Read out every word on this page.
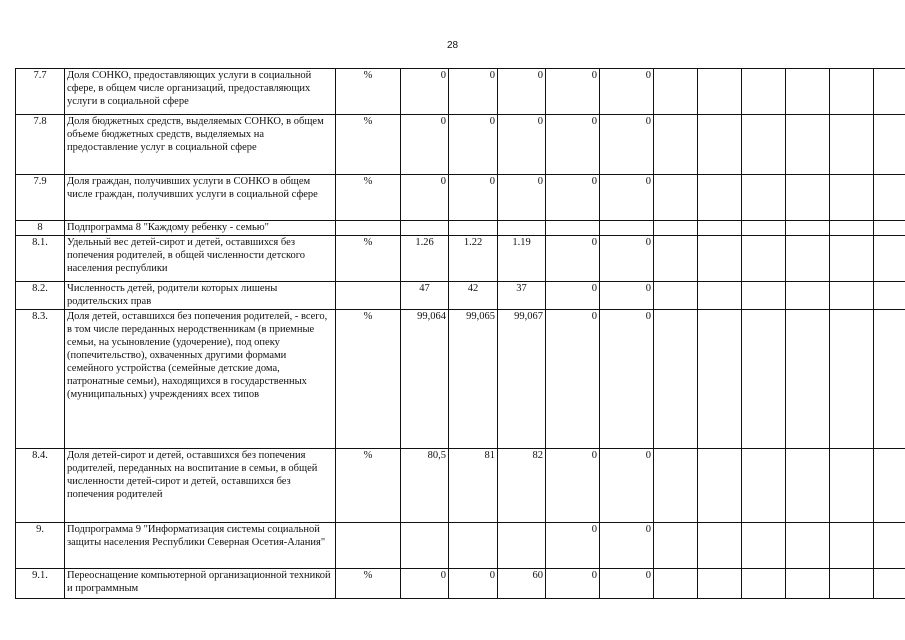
28
7.7	Доля СОНКО, предоставляющих услуги в социальной сфере, в общем числе организаций, предоставляющих услуги в социальной сфере	%	0	0	0	0	0						
7.8	Доля бюджетных средств, выделяемых СОНКО, в общем объеме бюджетных средств, выделяемых на предоставление услуг в социальной сфере	%	0	0	0	0	0						
7.9	Доля граждан, получивших услуги в СОНКО в общем числе граждан, получивших услуги в социальной сфере	%	0	0	0	0	0						
8	Подпрограмма 8 "Каждому ребенку - семью"												
8.1.	Удельный вес детей-сирот и детей, оставшихся без попечения родителей, в общей численности детского населения республики	%	1.26	1.22	1.19	0	0						
8.2.	Численность детей, родители которых лишены родительских прав		47	42	37	0	0						
8.3.	Доля детей, оставшихся без попечения родителей, - всего, в том числе переданных неродственникам (в приемные семьи, на усыновление (удочерение), под опеку (попечительство), охваченных другими формами семейного устройства (семейные детские дома, патронатные семьи), находящихся в государственных (муниципальных) учреждениях всех типов	%	99,064	99,065	99,067	0	0						
8.4.	Доля детей-сирот и детей, оставшихся без попечения родителей, переданных на воспитание в семьи, в общей численности детей-сирот и детей, оставшихся без попечения родителей	%	80,5	81	82	0	0						
9.	Подпрограмма 9 "Информатизация системы социальной защиты населения Республики Северная Осетия-Алания"					0	0						
9.1.	Переоснащение компьютерной организационной техникой и программным	%	0	0	60	0	0						
